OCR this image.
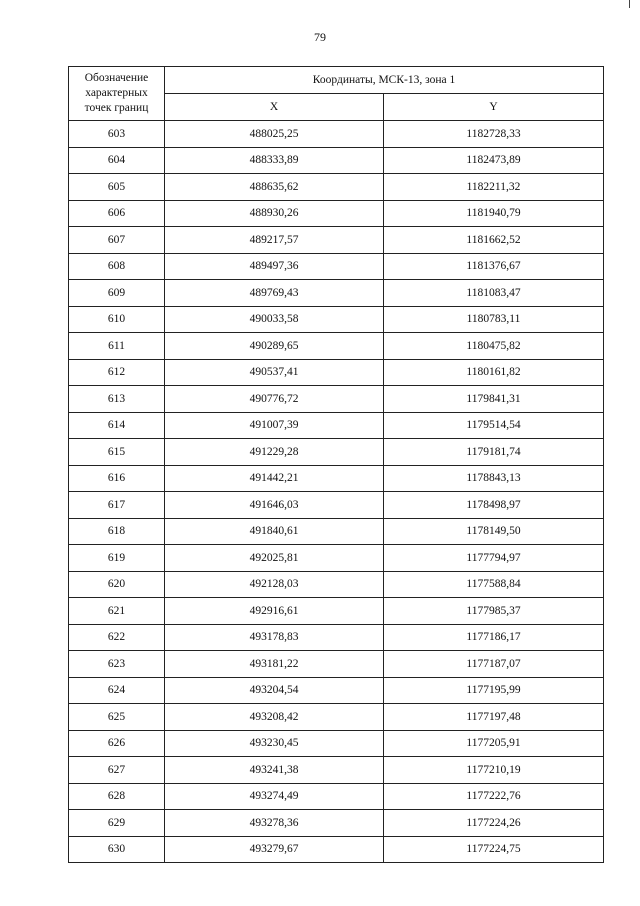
79
Обозначение
характерных
точек границ	Координаты, МСК-13, зона 1	
	X	Y
603	488025,25	1182728,33
604	488333,89	1182473,89
605	488635,62	1182211,32
606	488930,26	1181940,79
607	489217,57	1181662,52
608	489497,36	1181376,67
609	489769,43	1181083,47
610	490033,58	1180783,11
611	490289,65	1180475,82
612	490537,41	1180161,82
613	490776,72	1179841,31
614	491007,39	1179514,54
615	491229,28	1179181,74
616	491442,21	1178843,13
617	491646,03	1178498,97
618	491840,61	1178149,50
619	492025,81	1177794,97
620	492128,03	1177588,84
621	492916,61	1177985,37
622	493178,83	1177186,17
623	493181,22	1177187,07
624	493204,54	1177195,99
625	493208,42	1177197,48
626	493230,45	1177205,91
627	493241,38	1177210,19
628	493274,49	1177222,76
629	493278,36	1177224,26
630	493279,67	1177224,75
